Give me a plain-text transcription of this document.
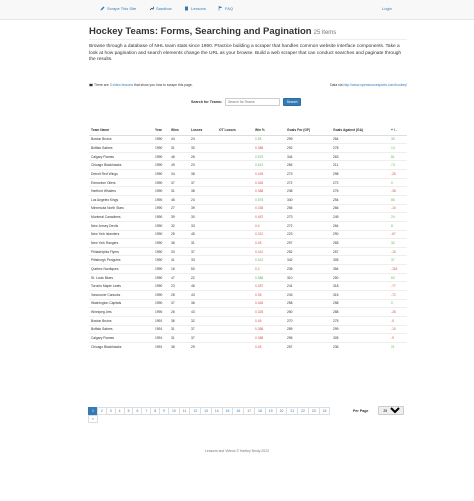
Scrape This Site	Sandbox	Lessons	FAQ	Login
Hockey Teams: Forms, Searching and Pagination 25 items

Browse through a database of NHL team stats since 1990. Practice building a scraper that handles common website interface components. Take a look at how pagination and search elements change the URL as your browse. Build a web scraper that can conduct searches and paginate through the results.

There are 3 video lessons that show you how to scrape this page.	Data via http://www.opensourcesports.com/hockey/
Search for Teams:
Search for Teams	Search
Team Name	Year	Wins	Losses	OT Losses	Win %	Goals For (GF)	Goals Against (GA)	+ / -
Boston Bruins	1990	44	24		0.55	299	264	35
Buffalo Sabres	1990	31	30		0.388	292	278	14
Calgary Flames	1990	46	26		0.575	344	263	81
Chicago Blackhawks	1990	49	23		0.613	284	211	73
Detroit Red Wings	1990	34	38		0.425	273	298	-25
Edmonton Oilers	1990	37	37		0.463	272	272	0
Hartford Whalers	1990	31	38		0.388	238	276	-38
Los Angeles Kings	1990	46	24		0.575	340	254	86
Minnesota North Stars	1990	27	39		0.338	256	266	-10
Montreal Canadiens	1990	39	30		0.487	273	249	24
New Jersey Devils	1990	32	33		0.4	272	264	8
New York Islanders	1990	25	45		0.312	223	290	-67
New York Rangers	1990	36	31		0.45	297	265	32
Philadelphia Flyers	1990	33	37		0.412	252	267	-15
Pittsburgh Penguins	1990	41	33		0.512	342	305	37
Quebec Nordiques	1990	16	50		0.2	236	354	-118
St. Louis Blues	1990	47	22		0.588	310	250	60
Toronto Maple Leafs	1990	23	46		0.287	241	318	-77
Vancouver Canucks	1990	28	43		0.35	243	315	-72
Washington Capitals	1990	37	36		0.463	258	258	0
Winnipeg Jets	1990	26	43		0.325	260	288	-28
Boston Bruins	1991	36	32		0.45	270	275	-5
Buffalo Sabres	1991	31	37		0.388	289	299	-10
Calgary Flames	1991	31	37		0.388	296	305	-9
Chicago Blackhawks	1991	36	29		0.45	257	236	21
1	2	3	4	5	6	7	8	9	10	11	12	13	14	15	16	17	18	19	20	21	22	23	24
»
Per Page
25
Lessons and Videos © Hartley Brody 2023
